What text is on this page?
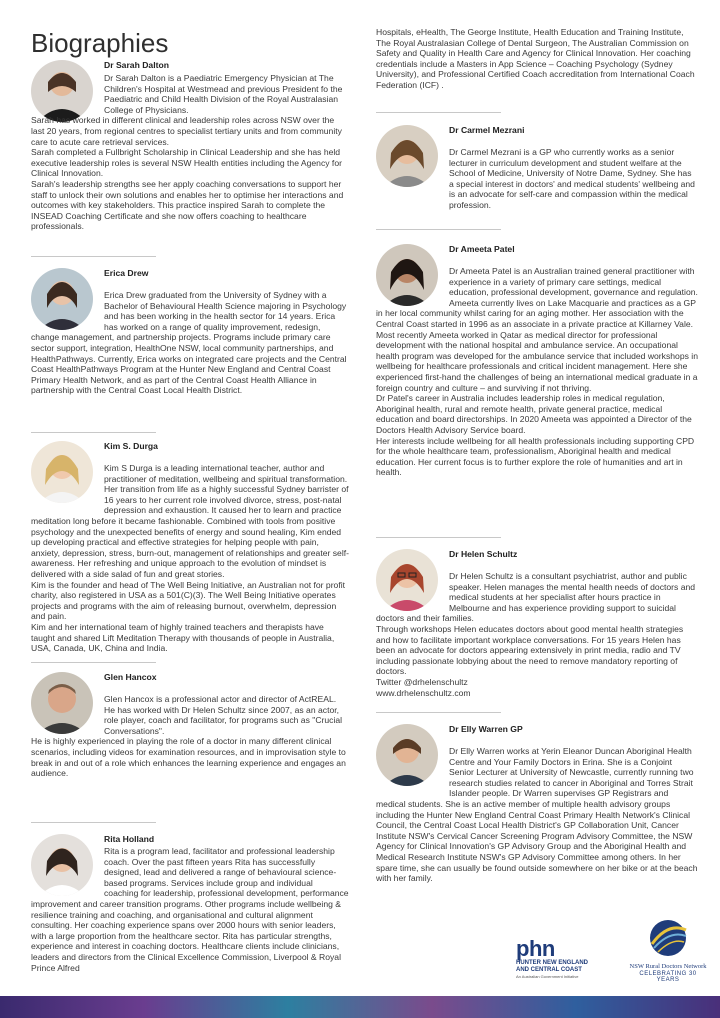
Biographies

Dr Sarah Dalton

Dr Sarah Dalton is a Paediatric Emergency Physician at The Children's Hospital at Westmead and previous President fo the Paediatric and Child Health Division of the Royal Australasian College of Physicians.
Sarah has worked in different clinical and leadership roles across NSW over the last 20 years, from regional centres to specialist tertiary units and from community care to acute care retrieval services.
Sarah completed a Fullbright Scholarship in Clinical Leadership and she has held executive leadership roles is several NSW Health entities including the Agency for Clinical Innovation.
Sarah's leadership strengths see her apply coaching conversations to support her staff to unlock their own solutions and enables her to optimise her interactions and outcomes with key stakeholders. This practice inspired Sarah to complete the INSEAD Coaching Certificate and she now offers coaching to healthcare professionals.

Erica Drew

Erica Drew graduated from the University of Sydney with a Bachelor of Behavioural Health Science majoring in Psychology and has been working in the health sector for 14 years. Erica has worked on a range of quality improvement, redesign, change management, and partnership projects. Programs include primary care sector support, integration, HealthOne NSW, local community partnerships, and HealthPathways. Currently, Erica works on integrated care projects and the Central Coast HealthPathways Program at the Hunter New England and Central Coast Primary Health Network, and as part of the Central Coast Health Alliance in partnership with the Central Coast Local Health District.

Kim S. Durga

Kim S Durga is a leading international teacher, author and practitioner of meditation, wellbeing and spiritual transformation. Her transition from life as a highly successful Sydney barrister of 16 years to her current role involved divorce, stress, post-natal depression and exhaustion. It caused her to learn and practice meditation long before it became fashionable. Combined with tools from positive psychology and the unexpected benefits of energy and sound healing, Kim ended up developing practical and effective strategies for helping people with pain, anxiety, depression, stress, burn-out, management of relationships and greater self-awareness. Her refreshing and unique approach to the evolution of mindset is delivered with a side salad of fun and great stories.
Kim is the founder and head of The Well Being Initiative, an Australian not for profit charity, also registered in USA as a 501(C)(3). The Well Being Initiative operates projects and programs with the aim of releasing burnout, overwhelm, depression and pain.
Kim and her international team of highly trained teachers and therapists have taught and shared Lift Meditation Therapy with thousands of people in Australia, USA, Canada, UK, China and India.

Glen Hancox

Glen Hancox is a professional actor and director of ActREAL. He has worked with Dr Helen Schultz since 2007, as an actor, role player, coach and facilitator, for programs such as "Crucial Conversations".
He is highly experienced in playing the role of a doctor in many different clinical scenarios, including videos for examination resources, and in improvisation style to break in and out of a role which enhances the learning experience and engages an audience.

Rita Holland

Rita is a program lead, facilitator and professional leadership coach. Over the past fifteen years Rita has successfully designed, lead and delivered a range of behavioural science-based programs. Services include group and individual coaching for leadership, professional development, performance improvement and career transition programs. Other programs include wellbeing & resilience training and coaching, and organisational and cultural alignment consulting. Her coaching experience spans over 2000 hours with senior leaders, with a large proportion from the healthcare sector. Rita has particular strengths, experience and interest in coaching doctors. Healthcare clients include clinicians, leaders and directors from the Clinical Excellence Commission, Liverpool & Royal Prince Alfred
Hospitals, eHealth, The George Institute, Health Education and Training Institute, The Royal Australasian College of Dental Surgeon, The Australian Commission on Safety and Quality in Health Care and Agency for Clinical Innovation. Her coaching credentials include a Masters in App Science – Coaching Psychology (Sydney University), and Professional Certified Coach accreditation from International Coach Federation (ICF) .

Dr Carmel Mezrani

Dr Carmel Mezrani is a GP who currently works as a senior lecturer in curriculum development and student welfare at the School of Medicine, University of Notre Dame, Sydney. She has a special interest in doctors' and medical students' wellbeing and is an advocate for self-care and compassion within the medical profession.

Dr Ameeta Patel

Dr Ameeta Patel is an Australian trained general practitioner with experience in a variety of primary care settings, medical education, professional development, governance and regulation.
Ameeta currently lives on Lake Macquarie and practices as a GP in her local community whilst caring for an aging mother. Her association with the Central Coast started in 1996 as an associate in a private practice at Killarney Vale.
Most recently Ameeta worked in Qatar as medical director for professional development with the national hospital and ambulance service. An occupational health program was developed for the ambulance service that included workshops in wellbeing for healthcare professionals and critical incident management. Here she experienced first-hand the challenges of being an international medical graduate in a foreign country and culture – and surviving if not thriving.
Dr Patel's career in Australia includes leadership roles in medical regulation, Aboriginal health, rural and remote health, private general practice, medical education and board directorships. In 2020 Ameeta was appointed a Director of the Doctors Health Advisory Service board.
Her interests include wellbeing for all health professionals including supporting CPD for the whole healthcare team, professionalism, Aboriginal health and medical education. Her current focus is to further explore the role of humanities and art in health.

Dr Helen Schultz

Dr Helen Schultz is a consultant psychiatrist, author and public speaker. Helen manages the mental health needs of doctors and medical students at her specialist after hours practice in Melbourne and has experience providing support to suicidal doctors and their families.
Through workshops Helen educates doctors about good mental health strategies and how to facilitate important workplace conversations. For 15 years Helen has been an advocate for doctors appearing extensively in print media, radio and TV including passionate lobbying about the need to remove mandatory reporting of doctors.
Twitter @drhelenschultz
www.drhelenschultz.com

Dr Elly Warren GP

Dr Elly Warren works at Yerin Eleanor Duncan Aboriginal Health Centre and Your Family Doctors in Erina. She is a Conjoint Senior Lecturer at University of Newcastle, currently running two research studies related to cancer in Aboriginal and Torres Strait Islander people. Dr Warren supervises GP Registrars and medical students. She is an active member of multiple health advisory groups including the Hunter New England Central Coast Primary Health Network's Clinical Council, the Central Coast Local Health District's GP Collaboration Unit, Cancer Institute NSW's Cervical Cancer Screening Program Advisory Committee, the NSW Agency for Clinical Innovation's GP Advisory Group and the Aboriginal Health and Medical Research Institute NSW's GP Advisory Committee among others. In her spare time, she can usually be found outside somewhere on her bike or at the beach with her family.
phn
HUNTER NEW ENGLAND
AND CENTRAL COAST
An Australian Government Initiative
NSW Rural Doctors Network
CELEBRATING 30 YEARS
